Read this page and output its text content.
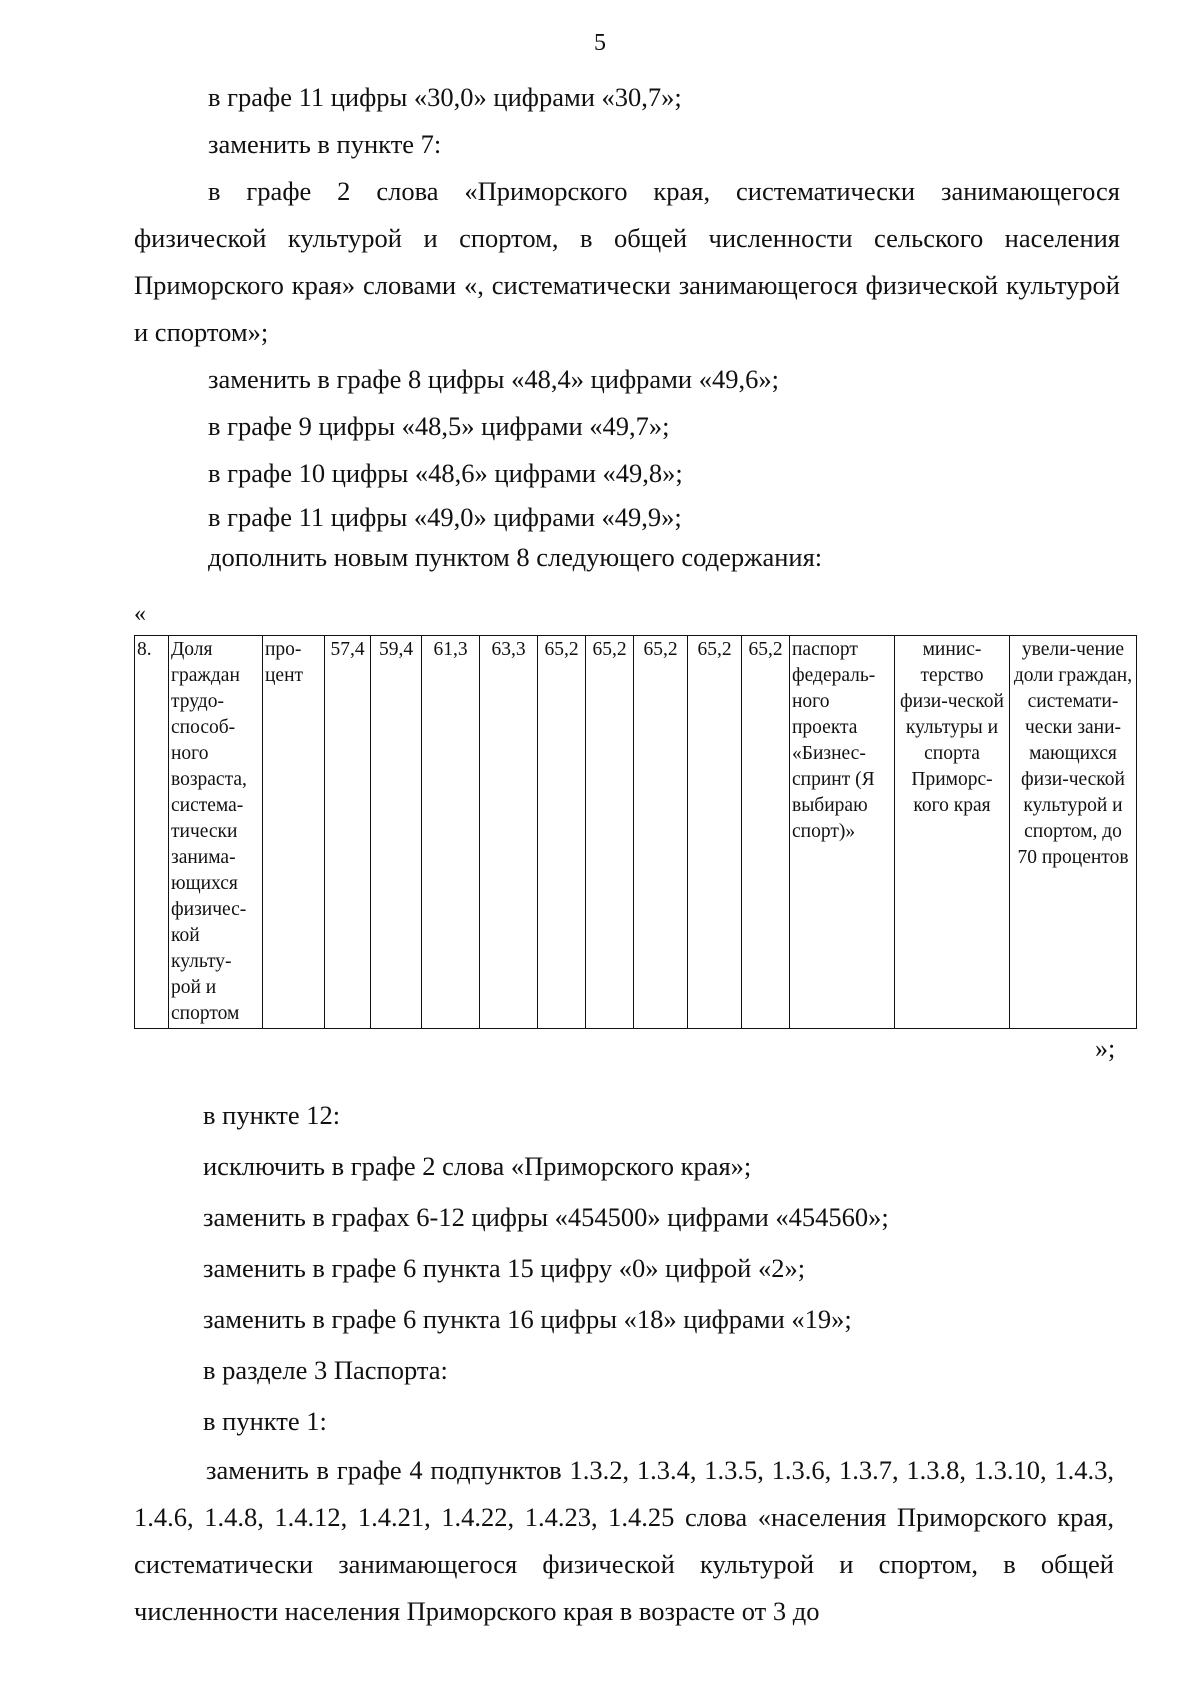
5

в графе 11 цифры «30,0» цифрами «30,7»;

заменить в пункте 7:

в графе 2 слова «Приморского края, систематически занимающегося физической культурой и спортом, в общей численности сельского населения Приморского края» словами «, систематически занимающегося физической культурой и спортом»;

заменить в графе 8 цифры «48,4» цифрами «49,6»;

в графе 9 цифры «48,5» цифрами «49,7»;

в графе 10 цифры «48,6» цифрами «49,8»;

в графе 11 цифры «49,0» цифрами «49,9»;

дополнить новым пунктом 8 следующего содержания:

«
8.	Доля граждан трудо-способ-ного возраста, система-тически занима-ющихся физичес-кой культу-рой и спортом	про-цент	57,4	59,4	61,3	63,3	65,2	65,2	65,2	65,2	65,2	паспорт федераль-ного проекта «Бизнес-спринт (Я выбираю спорт)»	минис-терство физи-ческой культуры и спорта Приморс-кого края	увели-чение доли граждан, системати-чески зани-мающихся физи-ческой культурой и спортом, до 70 процентов
»;

в пункте 12:

исключить в графе 2 слова «Приморского края»;

заменить в графах 6-12 цифры «454500» цифрами «454560»;

заменить в графе 6 пункта 15 цифру «0» цифрой «2»;

заменить в графе 6 пункта 16 цифры «18» цифрами «19»;

в разделе 3 Паспорта:

в пункте 1:

заменить в графе 4 подпунктов 1.3.2, 1.3.4, 1.3.5, 1.3.6, 1.3.7, 1.3.8, 1.3.10, 1.4.3, 1.4.6, 1.4.8, 1.4.12, 1.4.21, 1.4.22, 1.4.23, 1.4.25 слова «населения Приморского края, систематически занимающегося физической культурой и спортом, в общей численности населения Приморского края в возрасте от 3 до
